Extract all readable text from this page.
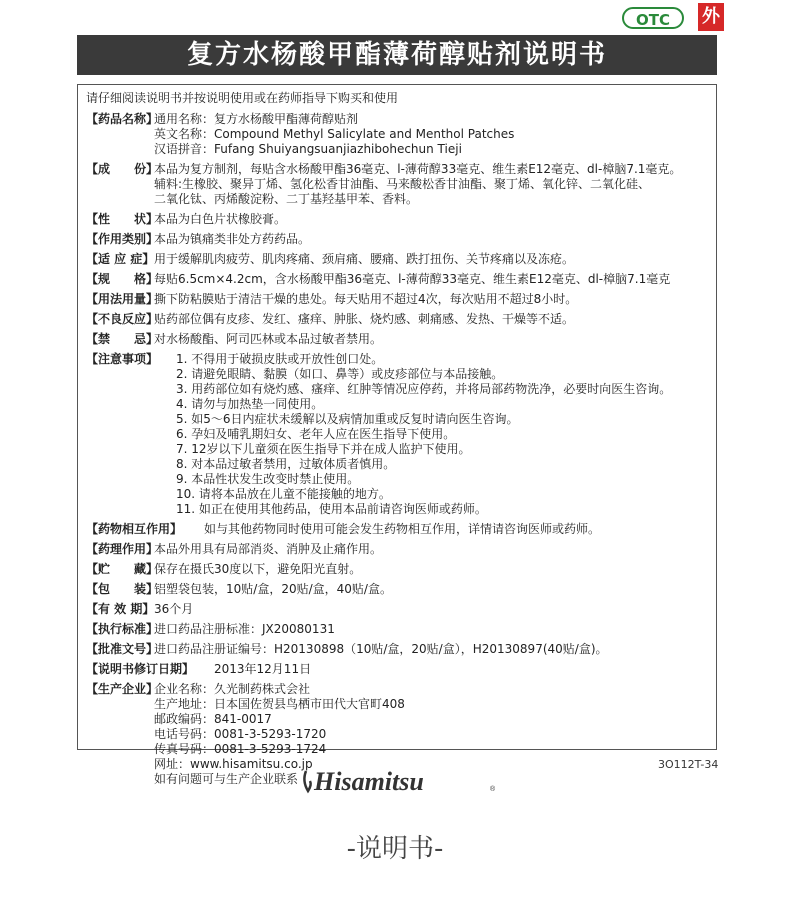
OTC	外
复方水杨酸甲酯薄荷醇贴剂说明书
请仔细阅读说明书并按说明使用或在药师指导下购买和使用
【药品名称】
通用名称：复方水杨酸甲酯薄荷醇贴剂
英文名称：Compound Methyl Salicylate and Menthol Patches
汉语拼音：Fufang Shuiyangsuanjiazhibohechun Tieji
【成　　份】
本品为复方制剂，每贴含水杨酸甲酯36毫克、l-薄荷醇33毫克、维生素E12毫克、dl-樟脑7.1毫克。
辅料:生橡胶、聚异丁烯、氢化松香甘油酯、马来酸松香甘油酯、聚丁烯、氧化锌、二氧化硅、
二氧化钛、丙烯酸淀粉、二丁基羟基甲苯、香料。
【性　　状】
本品为白色片状橡胶膏。
【作用类别】
本品为镇痛类非处方药药品。
【适 应 症】 用于缓解肌肉疲劳、肌肉疼痛、颈肩痛、腰痛、跌打扭伤、关节疼痛以及冻疮。
【规　　格】
每贴6.5cm×4.2cm，含水杨酸甲酯36毫克、l-薄荷醇33毫克、维生素E12毫克、dl-樟脑7.1毫克
【用法用量】
撕下防粘膜贴于清洁干燥的患处。每天贴用不超过4次，每次贴用不超过8小时。
【不良反应】
贴药部位偶有皮疹、发红、瘙痒、肿胀、烧灼感、刺痛感、发热、干燥等不适。
【禁　　忌】
对水杨酸酯、阿司匹林或本品过敏者禁用。
【注意事项】	1. 不得用于破损皮肤或开放性创口处。
2. 请避免眼睛、黏膜（如口、鼻等）或皮疹部位与本品接触。
3. 用药部位如有烧灼感、瘙痒、红肿等情况应停药，并将局部药物洗净，必要时向医生咨询。
4. 请勿与加热垫一同使用。
5. 如5～6日内症状未缓解以及病情加重或反复时请向医生咨询。
6. 孕妇及哺乳期妇女、老年人应在医生指导下使用。
7. 12岁以下儿童须在医生指导下并在成人监护下使用。
8. 对本品过敏者禁用，过敏体质者慎用。
9. 本品性状发生改变时禁止使用。
10. 请将本品放在儿童不能接触的地方。
11. 如正在使用其他药品，使用本品前请咨询医师或药师。
【药物相互作用】	如与其他药物同时使用可能会发生药物相互作用，详情请咨询医师或药师。
【药理作用】
本品外用具有局部消炎、消肿及止痛作用。
【贮　　藏】
保存在摄氏30度以下，避免阳光直射。
【包　　装】
铝塑袋包装，10贴/盒，20贴/盒，40贴/盒。
【有 效 期】 36个月
【执行标准】
进口药品注册标准：JX20080131
【批准文号】
进口药品注册证编号：H20130898（10贴/盒，20贴/盒），H20130897(40贴/盒)。
【说明书修订日期】	2013年12月11日
【生产企业】
企业名称：久光制药株式会社
生产地址：日本国佐贺县鸟栖市田代大官町408
邮政编码：841-0017
电话号码：0081-3-5293-1720
传真号码：0081-3-5293-1724
网址：www.hisamitsu.co.jp
如有问题可与生产企业联系
3O112T-34
Hisamitsu	®
-说明书-
